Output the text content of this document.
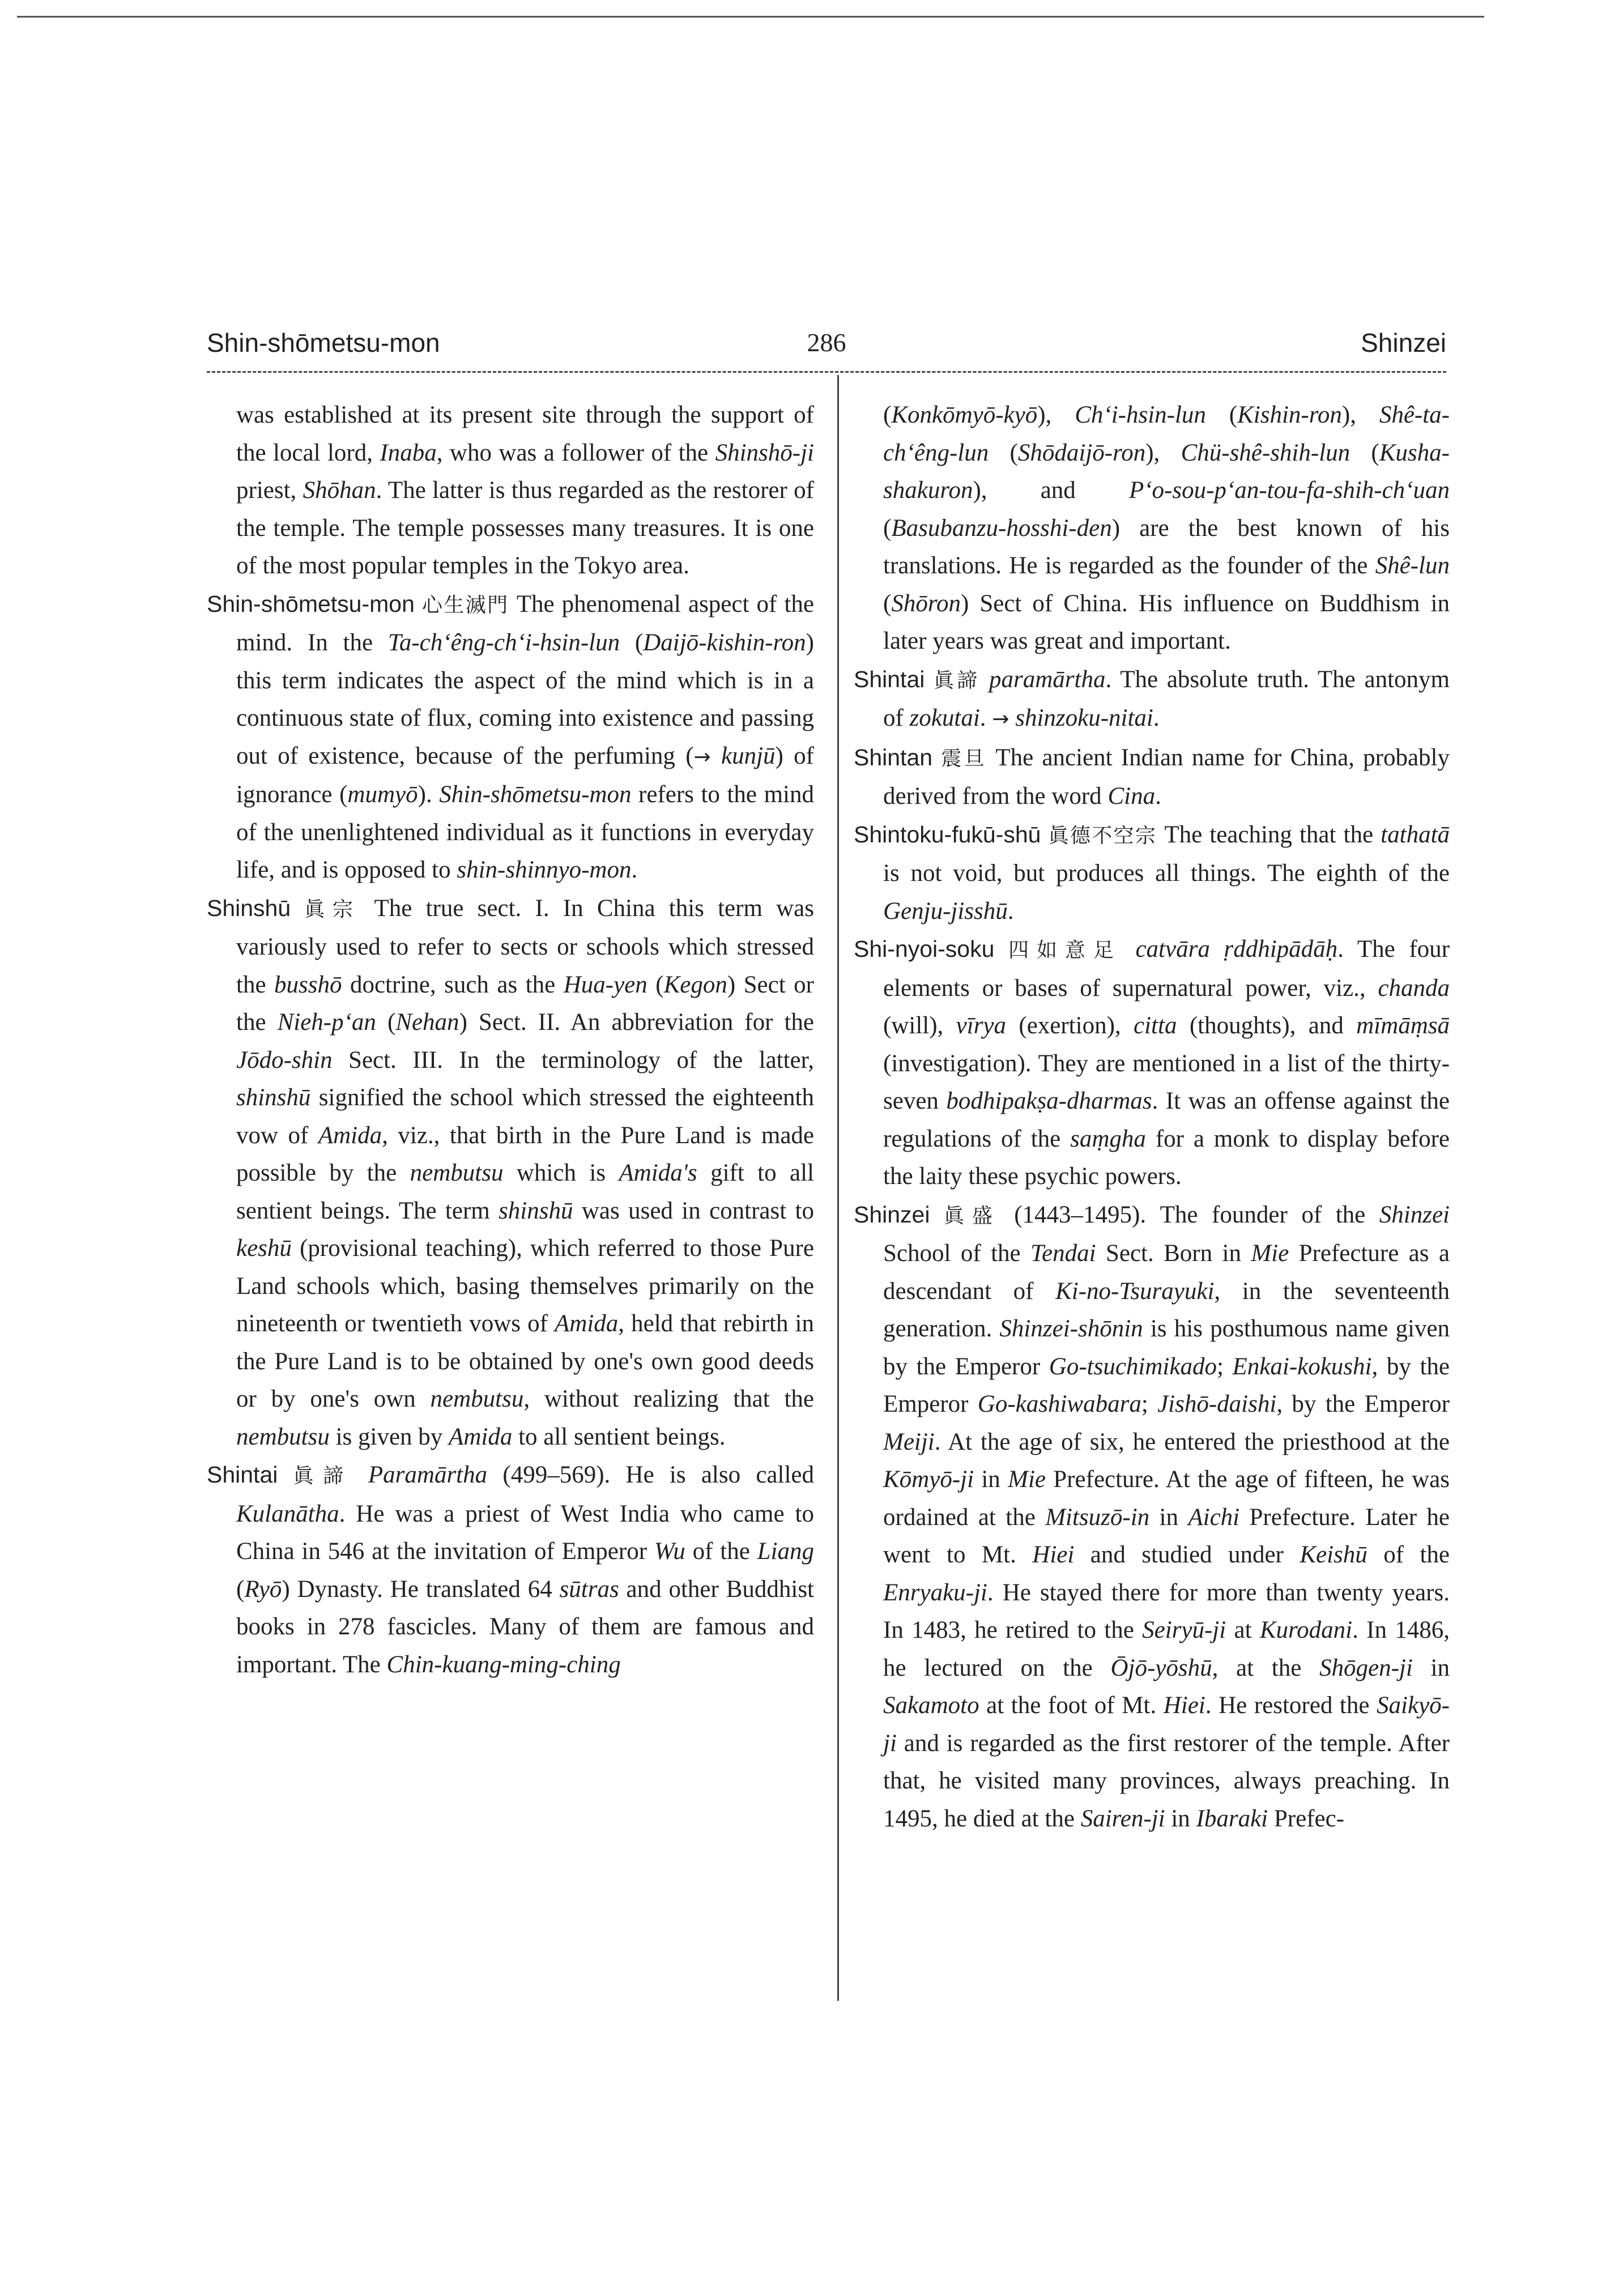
286
Shin-shōmetsu-mon	Shinzei

was established at its present site through the support of the local lord, Inaba, who was a follower of the Shinshō-ji priest, Shōhan. The latter is thus regarded as the restorer of the temple. The temple possesses many treasures. It is one of the most popular temples in the Tokyo area.

Shin-shōmetsu-mon 心生滅門 The phenomenal aspect of the mind. In the Ta-ch‘êng-ch‘i-hsin-lun (Daijō-kishin-ron) this term indicates the aspect of the mind which is in a continuous state of flux, coming into existence and passing out of existence, because of the perfuming (→ kunjū) of ignorance (mumyō). Shin-shōmetsu-mon refers to the mind of the unenlightened individual as it functions in everyday life, and is opposed to shin-shinnyo-mon.

Shinshū 眞宗 The true sect. I. In China this term was variously used to refer to sects or schools which stressed the busshō doctrine, such as the Hua-yen (Kegon) Sect or the Nieh-p‘an (Nehan) Sect. II. An abbreviation for the Jōdo-shin Sect. III. In the terminology of the latter, shinshū signified the school which stressed the eighteenth vow of Amida, viz., that birth in the Pure Land is made possible by the nembutsu which is Amida's gift to all sentient beings. The term shinshū was used in contrast to keshū (provisional teaching), which referred to those Pure Land schools which, basing themselves primarily on the nineteenth or twentieth vows of Amida, held that rebirth in the Pure Land is to be obtained by one's own good deeds or by one's own nembutsu, without realizing that the nembutsu is given by Amida to all sentient beings.

Shintai 眞諦 Paramārtha (499–569). He is also called Kulanātha. He was a priest of West India who came to China in 546 at the invitation of Emperor Wu of the Liang (Ryō) Dynasty. He translated 64 sūtras and other Buddhist books in 278 fascicles. Many of them are famous and important. The Chin-kuang-ming-ching

(Konkōmyō-kyō), Ch‘i-hsin-lun (Kishin-ron), Shê-ta-ch‘êng-lun (Shōdaijō-ron), Chü-shê-shih-lun (Kusha-shakuron), and P‘o-sou-p‘an-tou-fa-shih-ch‘uan (Basubanzu-hosshi-den) are the best known of his translations. He is regarded as the founder of the Shê-lun (Shōron) Sect of China. His influence on Buddhism in later years was great and important.

Shintai 眞諦 paramārtha. The absolute truth. The antonym of zokutai. → shinzoku-nitai.

Shintan 震旦 The ancient Indian name for China, probably derived from the word Cina.

Shintoku-fukū-shū 眞德不空宗 The teaching that the tathatā is not void, but produces all things. The eighth of the Genju-jisshū.

Shi-nyoi-soku 四如意足 catvāra ṛddhipādāḥ. The four elements or bases of supernatural power, viz., chanda (will), vīrya (exertion), citta (thoughts), and mīmāṃsā (investigation). They are mentioned in a list of the thirty-seven bodhipakṣa-dharmas. It was an offense against the regulations of the saṃgha for a monk to display before the laity these psychic powers.

Shinzei 眞盛 (1443–1495). The founder of the Shinzei School of the Tendai Sect. Born in Mie Prefecture as a descendant of Ki-no-Tsurayuki, in the seventeenth generation. Shinzei-shōnin is his posthumous name given by the Emperor Go-tsuchimikado; Enkai-kokushi, by the Emperor Go-kashiwabara; Jishō-daishi, by the Emperor Meiji. At the age of six, he entered the priesthood at the Kōmyō-ji in Mie Prefecture. At the age of fifteen, he was ordained at the Mitsuzō-in in Aichi Prefecture. Later he went to Mt. Hiei and studied under Keishū of the Enryaku-ji. He stayed there for more than twenty years. In 1483, he retired to the Seiryū-ji at Kurodani. In 1486, he lectured on the Ōjō-yōshū, at the Shōgen-ji in Sakamoto at the foot of Mt. Hiei. He restored the Saikyō-ji and is regarded as the first restorer of the temple. After that, he visited many provinces, always preaching. In 1495, he died at the Sairen-ji in Ibaraki Prefec-
